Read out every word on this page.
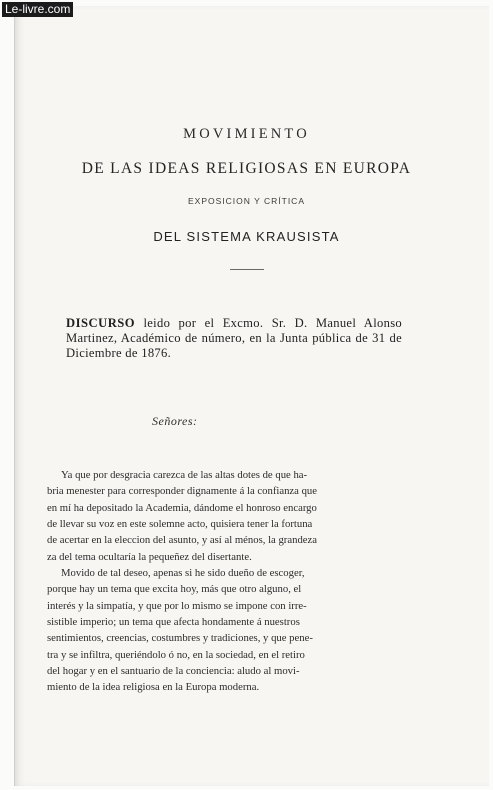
Le-livre.com
MOVIMIENTO
DE LAS IDEAS RELIGIOSAS EN EUROPA
EXPOSICION Y CRÍTICA
DEL SISTEMA KRAUSISTA
DISCURSO leido por el Excmo. Sr. D. Manuel Alonso Martinez, Académico de número, en la Junta pública de 31 de Diciembre de 1876.
Señores:
Ya que por desgracia carezca de las altas dotes de que ha-
bria menester para corresponder dignamente á la confianza que
en mí ha depositado la Academia, dándome el honroso encargo
de llevar su voz en este solemne acto, quisiera tener la fortuna
de acertar en la eleccion del asunto, y así al ménos, la grandeza
za del tema ocultaría la pequeñez del disertante.
Movido de tal deseo, apenas si he sido dueño de escoger,
porque hay un tema que excita hoy, más que otro alguno, el
interés y la simpatía, y que por lo mismo se impone con irre-
sistible imperio; un tema que afecta hondamente á nuestros
sentimientos, creencias, costumbres y tradiciones, y que pene-
tra y se infiltra, queriéndolo ó no, en la sociedad, en el retiro
del hogar y en el santuario de la conciencia: aludo al movi-
miento de la idea religiosa en la Europa moderna.
